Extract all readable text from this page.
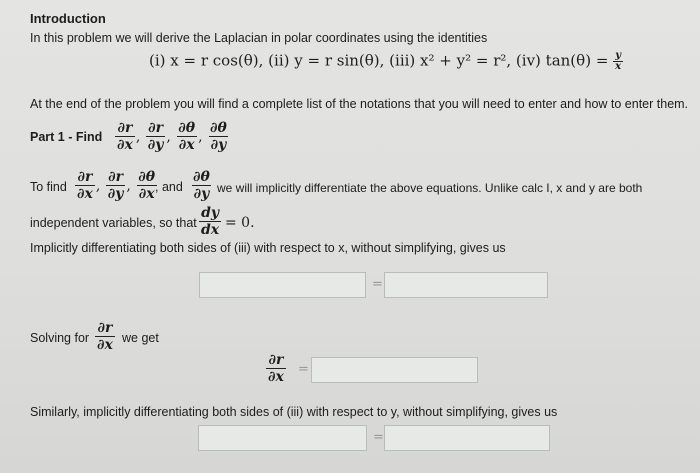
Introduction
In this problem we will derive the Laplacian in polar coordinates using the identities
(i) x = r cos(θ), (ii) y = r sin(θ), (iii) x² + y² = r², (iv) $\tan(\theta) = \frac{y}{x}$
At the end of the problem you will find a complete list of the notations that you will need to enter and how to enter them.
Part 1 - Find $\frac{\partial r}{\partial x}$ , $\frac{\partial r}{\partial y}$ , $\frac{\partial\theta}{\partial x}$ , $\frac{\partial\theta}{\partial y}$
To find $\frac{\partial r}{\partial x}$ , $\frac{\partial r}{\partial y}$ , $\frac{\partial\theta}{\partial x}$
, and $\frac{\partial\theta}{\partial y}$ we will implicitly differentiate the above equations. Unlike calc I, x and y are both
independent variables, so that $\frac{dy}{dx} = 0$.
Implicitly differentiating both sides of (iii) with respect to x, without simplifying, gives us
=
Solving for $\frac{\partial r}{\partial x}$ we get
$\frac{\partial r}{\partial x}$ =
Similarly, implicitly differentiating both sides of (iii) with respect to y, without simplifying, gives us
=
